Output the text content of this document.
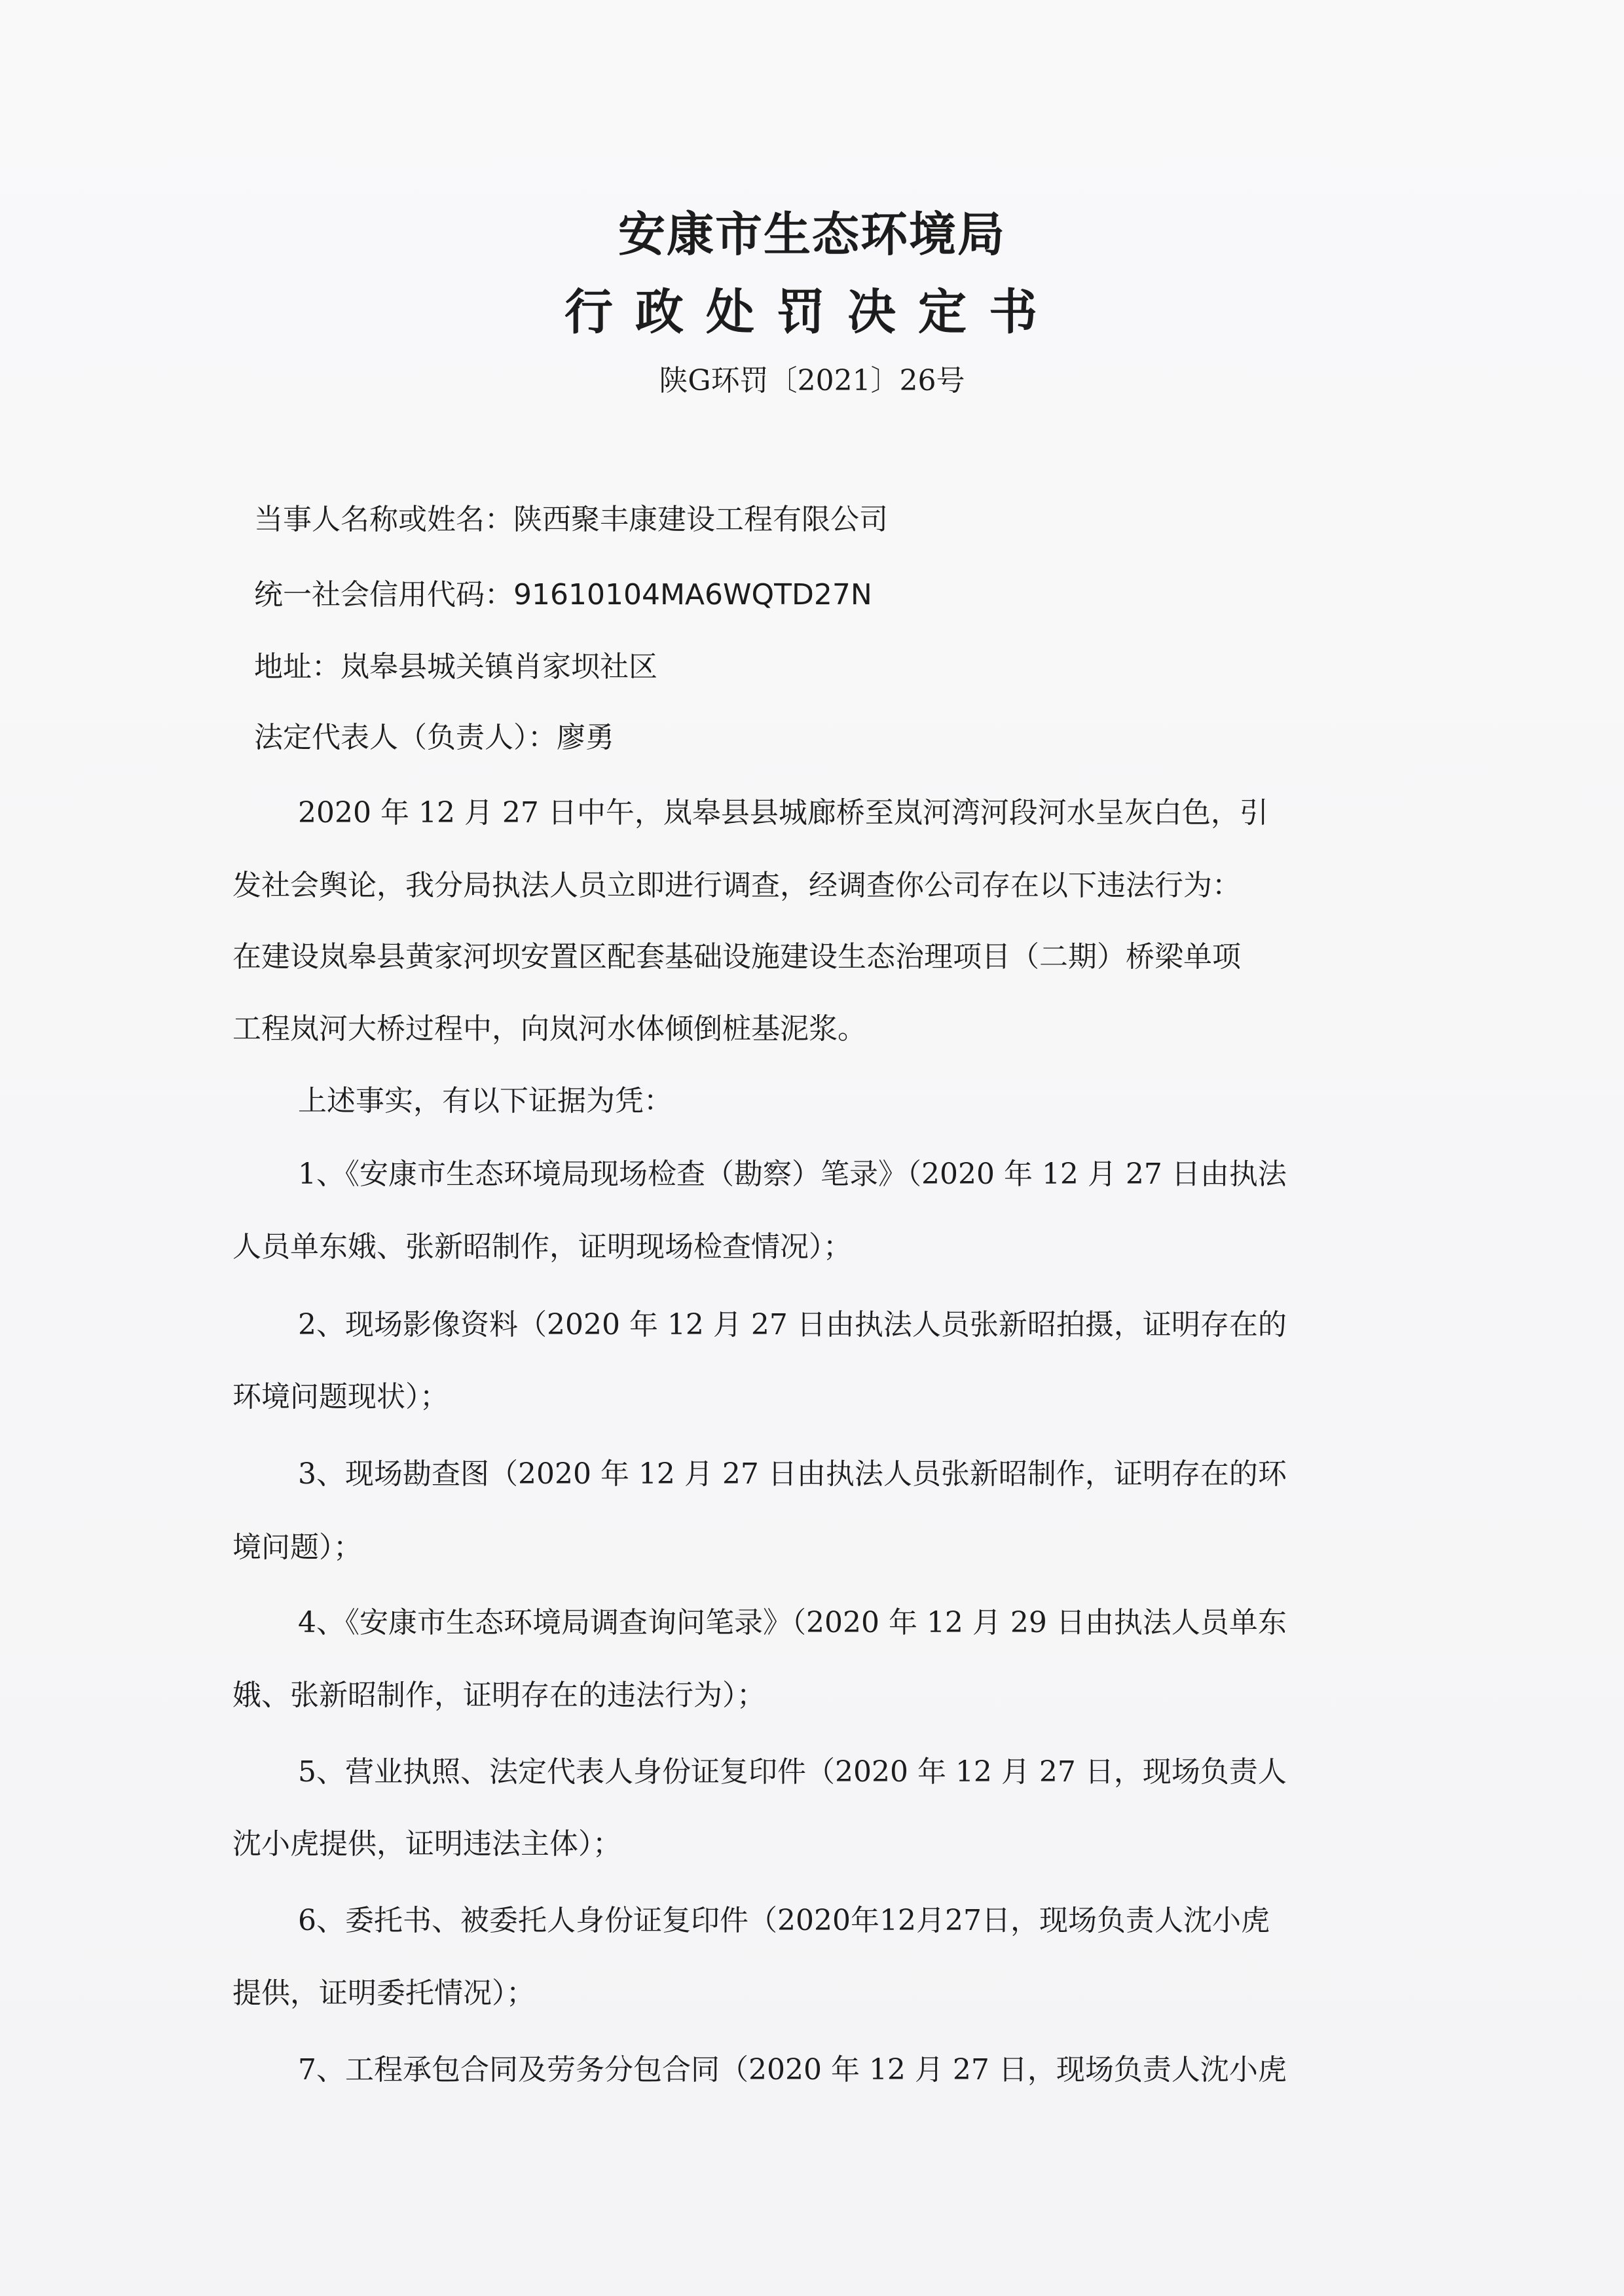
安康市生态环境局
行政处罚决定书
陕G环罚〔2021〕26号
当事人名称或姓名：陕西聚丰康建设工程有限公司
统一社会信用代码：91610104MA6WQTD27N
地址：岚皋县城关镇肖家坝社区
法定代表人（负责人）：廖勇
2020 年 12 月 27 日中午，岚皋县县城廊桥至岚河湾河段河水呈灰白色，引
发社会舆论，我分局执法人员立即进行调查，经调查你公司存在以下违法行为：
在建设岚皋县黄家河坝安置区配套基础设施建设生态治理项目（二期）桥梁单项
工程岚河大桥过程中，向岚河水体倾倒桩基泥浆。
上述事实，有以下证据为凭：
1、《安康市生态环境局现场检查（勘察）笔录》（2020 年 12 月 27 日由执法
人员单东娥、张新昭制作，证明现场检查情况）；
2、现场影像资料（2020 年 12 月 27 日由执法人员张新昭拍摄，证明存在的
环境问题现状）；
3、现场勘查图（2020 年 12 月 27 日由执法人员张新昭制作，证明存在的环
境问题）；
4、《安康市生态环境局调查询问笔录》（2020 年 12 月 29 日由执法人员单东
娥、张新昭制作，证明存在的违法行为）；
5、营业执照、法定代表人身份证复印件（2020 年 12 月 27 日，现场负责人
沈小虎提供，证明违法主体）；
6、委托书、被委托人身份证复印件（2020年12月27日，现场负责人沈小虎
提供，证明委托情况）；
7、工程承包合同及劳务分包合同（2020 年 12 月 27 日，现场负责人沈小虎
